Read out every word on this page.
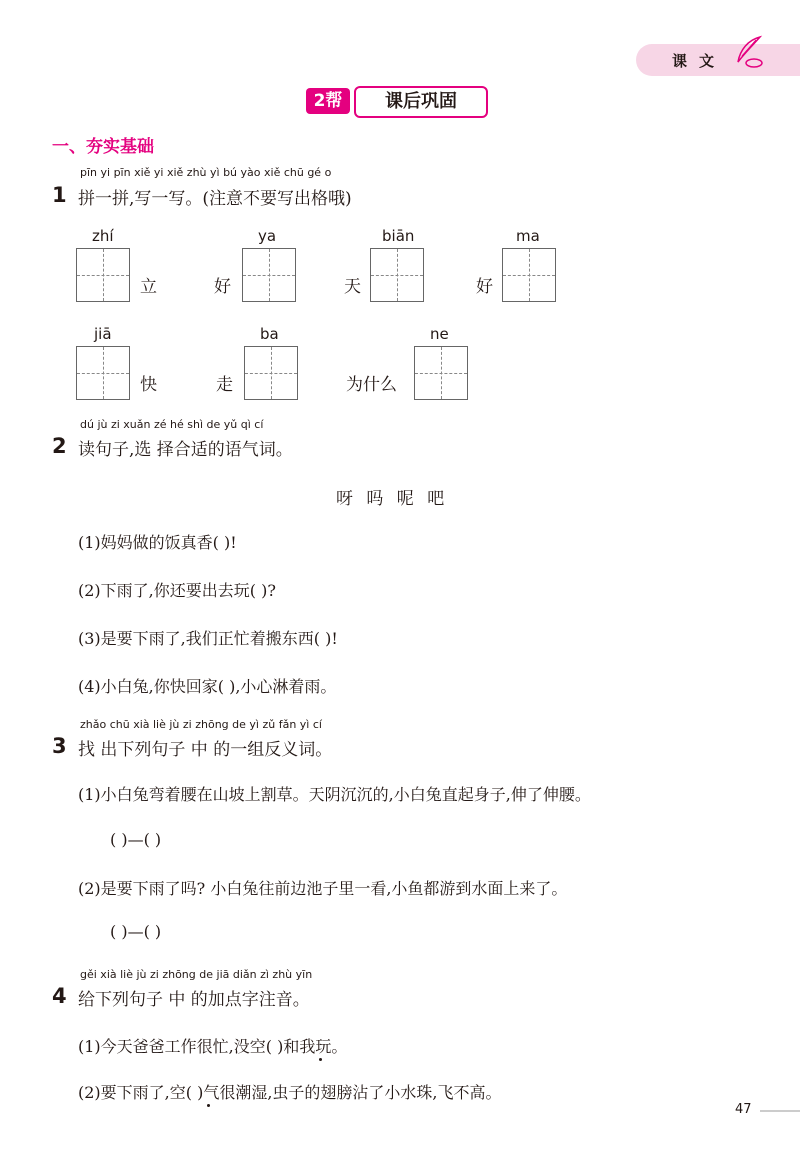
课文
2帮	课后巩固
一、夯实基础
pīn yi pīn xiě yi xiě zhù yì bú yào xiě chū gé o
1 拼一拼,写一写。(注意不要写出格哦)
zhí
立
ya
好
biān
天
ma
好
jiā
快
ba
走
ne
为什么
dú jù zi xuǎn zé hé shì de yǔ qì cí
2 读句子,选 择合适的语气词。
呀 吗 呢 吧
(1)妈妈做的饭真香( )!
(2)下雨了,你还要出去玩( )?
(3)是要下雨了,我们正忙着搬东西( )!
(4)小白兔,你快回家( ),小心淋着雨。
zhǎo chū xià liè jù zi zhōng de yì zǔ fǎn yì cí
3 找 出下列句子 中 的一组反义词。
(1)小白兔弯着腰在山坡上割草。天阴沉沉的,小白兔直起身子,伸了伸腰。
( )—( )
(2)是要下雨了吗? 小白兔往前边池子里一看,小鱼都游到水面上来了。
( )—( )
gěi xià liè jù zi zhōng de jiā diǎn zì zhù yīn
4 给下列句子 中 的加点字注音。
(1)今天爸爸工作很忙,没空( )和我玩。
(2)要下雨了,空( )气很潮湿,虫子的翅膀沾了小水珠,飞不高。
47
